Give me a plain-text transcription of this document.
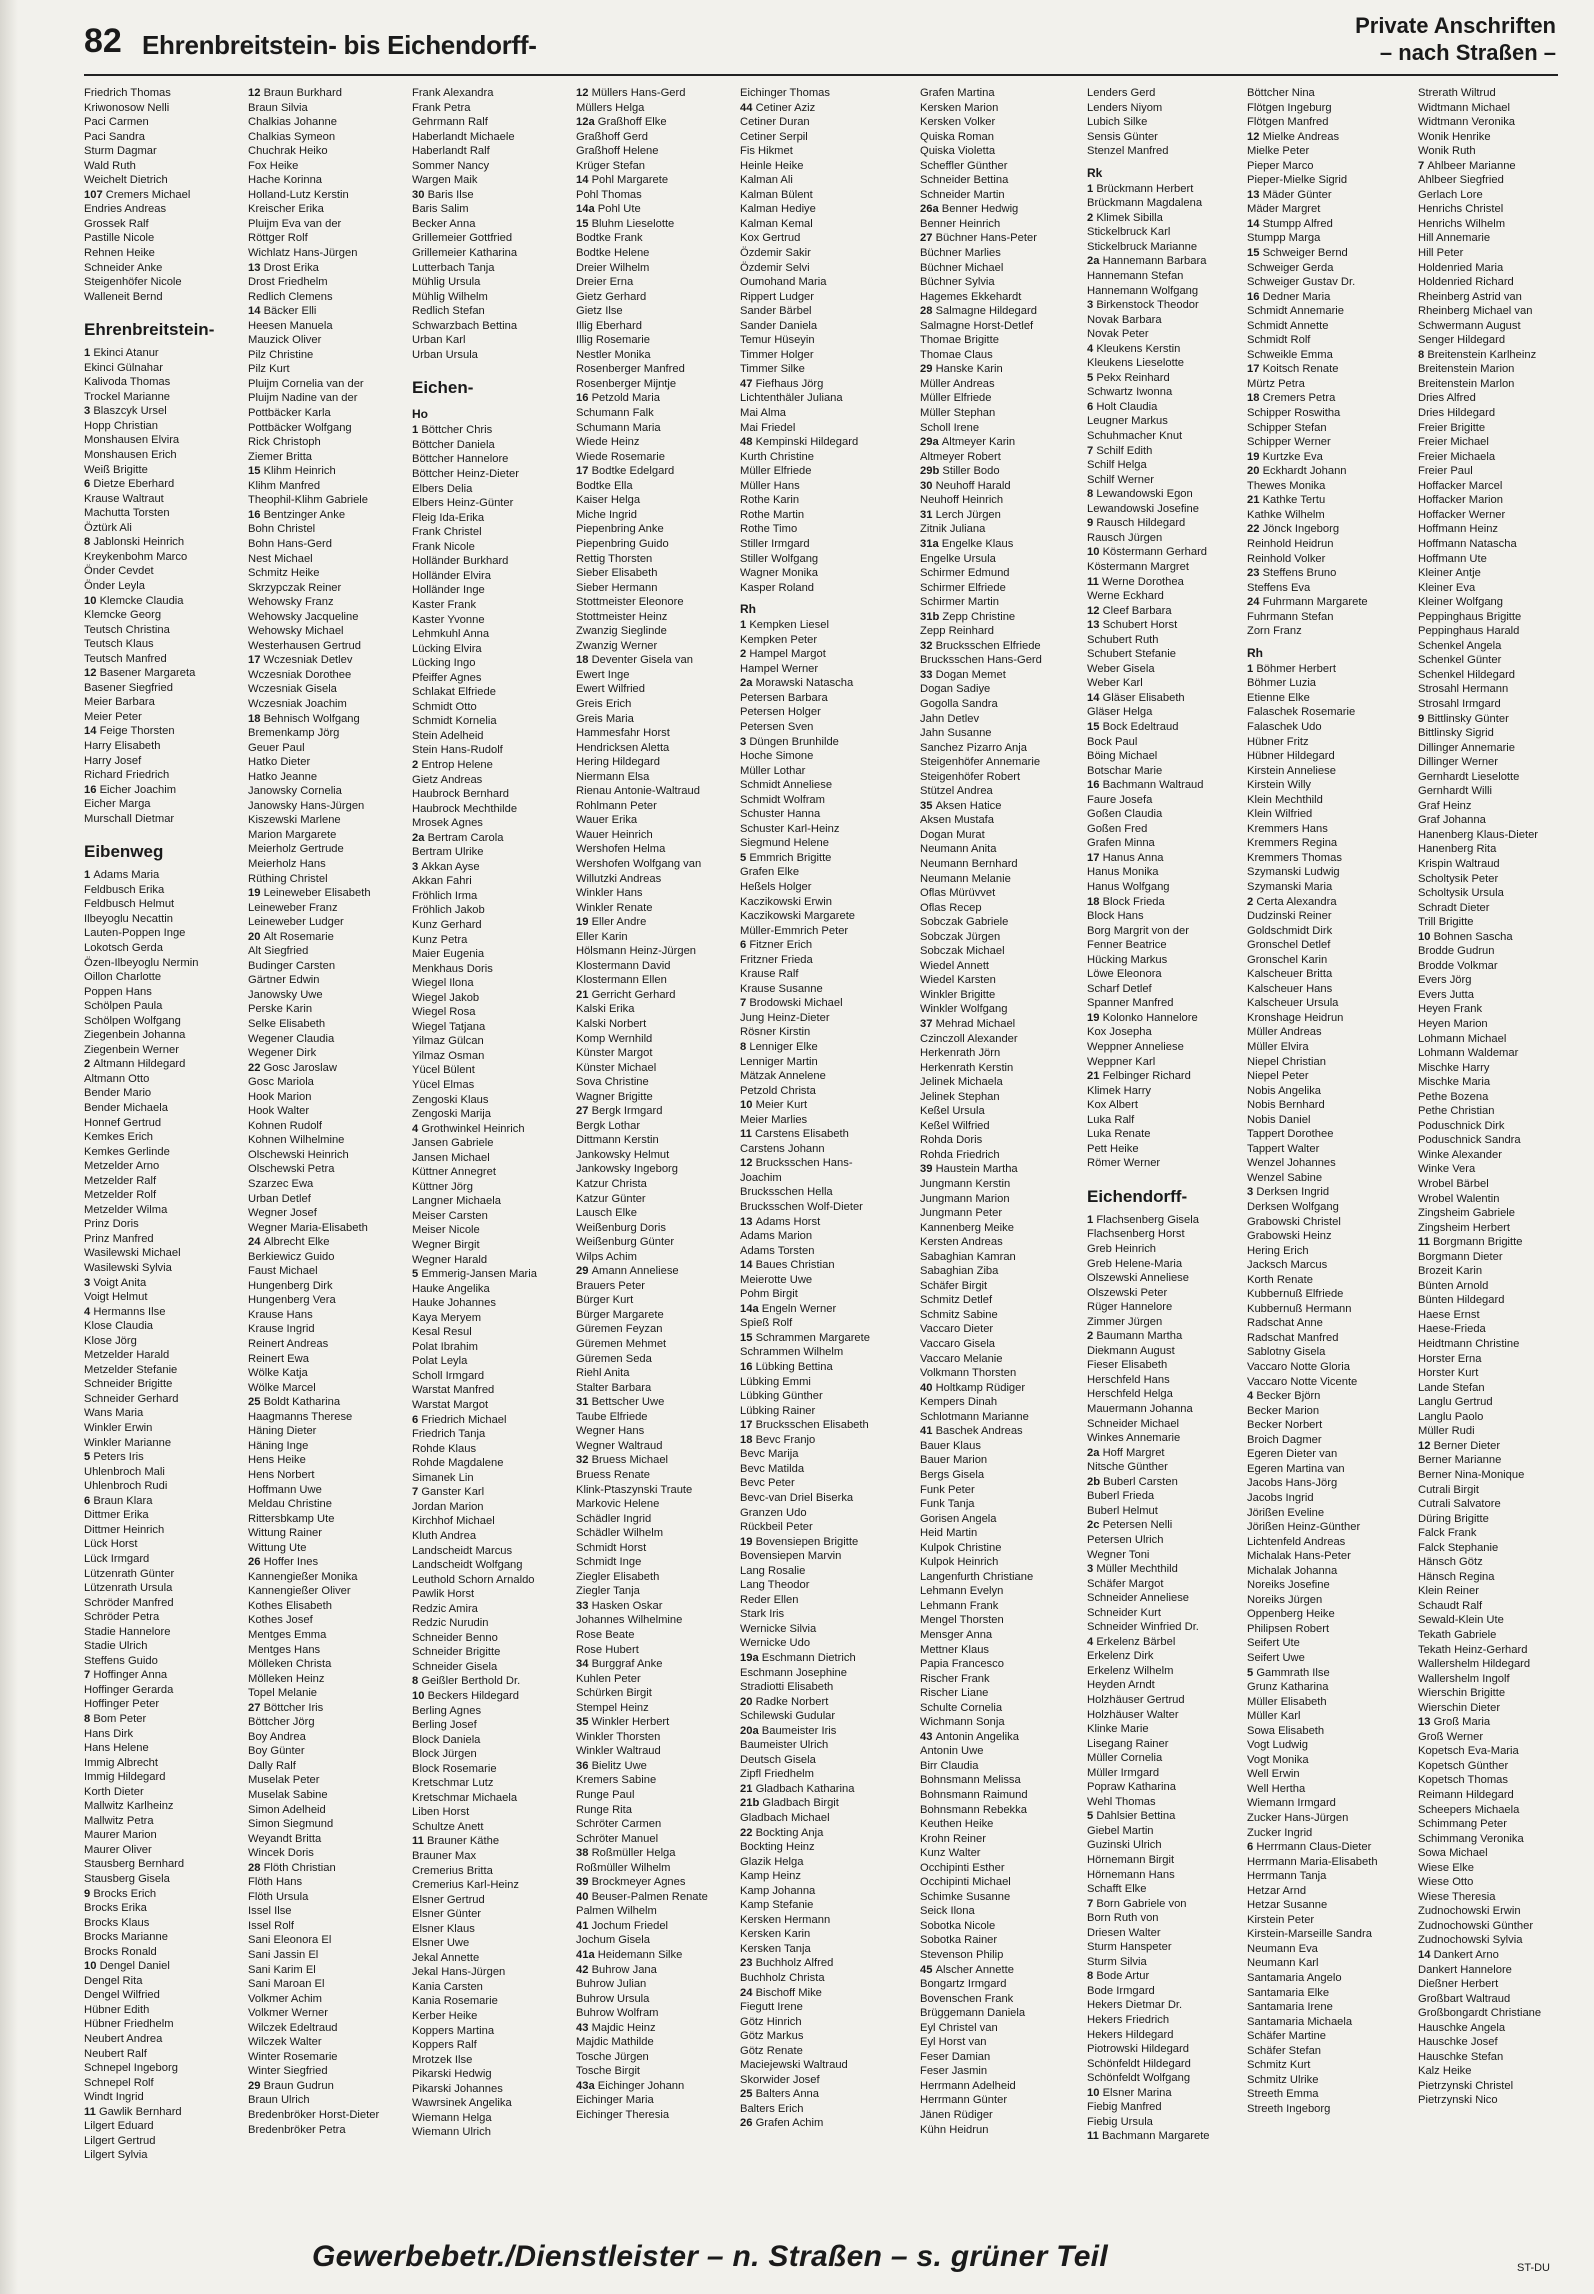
82 Ehrenbreitstein- bis Eichendorff-
Private Anschriften
– nach Straßen –
Friedrich Thomas
Kriwonosow Nelli
Paci Carmen
Paci Sandra
Sturm Dagmar
Wald Ruth
Weichelt Dietrich
107 Cremers Michael
Endries Andreas
Grossek Ralf
Pastille Nicole
Rehnen Heike
Schneider Anke
Steigenhöfer Nicole
Walleneit Bernd
Ehrenbreitstein-
1 Ekinci Atanur
Ekinci Gülnahar
Kalivoda Thomas
Trockel Marianne
3 Blaszcyk Ursel
Hopp Christian
Monshausen Elvira
Monshausen Erich
Weiß Brigitte
6 Dietze Eberhard
Krause Waltraut
Machutta Torsten
Öztürk Ali
8 Jablonski Heinrich
Kreykenbohm Marco
Önder Cevdet
Önder Leyla
10 Klemcke Claudia
Klemcke Georg
Teutsch Christina
Teutsch Klaus
Teutsch Manfred
12 Basener Margareta
Basener Siegfried
Meier Barbara
Meier Peter
14 Feige Thorsten
Harry Elisabeth
Harry Josef
Richard Friedrich
16 Eicher Joachim
Eicher Marga
Murschall Dietmar
Eibenweg
1 Adams Maria
Feldbusch Erika
Feldbusch Helmut
Ilbeyoglu Necattin
Lauten-Poppen Inge
Lokotsch Gerda
Özen-Ilbeyoglu Nermin
Oillon Charlotte
Poppen Hans
Schölpen Paula
Schölpen Wolfgang
Ziegenbein Johanna
Ziegenbein Werner
2 Altmann Hildegard
Altmann Otto
Bender Mario
Bender Michaela
Honnef Gertrud
Kemkes Erich
Kemkes Gerlinde
Metzelder Arno
Metzelder Ralf
Metzelder Rolf
Metzelder Wilma
Prinz Doris
Prinz Manfred
Wasilewski Michael
Wasilewski Sylvia
3 Voigt Anita
Voigt Helmut
4 Hermanns Ilse
Klose Claudia
Klose Jörg
Metzelder Harald
Metzelder Stefanie
Schneider Brigitte
Schneider Gerhard
Wans Maria
Winkler Erwin
Winkler Marianne
5 Peters Iris
Uhlenbroch Mali
Uhlenbroch Rudi
6 Braun Klara
Dittmer Erika
Dittmer Heinrich
Lück Horst
Lück Irmgard
Lützenrath Günter
Lützenrath Ursula
Schröder Manfred
Schröder Petra
Stadie Hannelore
Stadie Ulrich
Steffens Guido
7 Hoffinger Anna
Hoffinger Gerarda
Hoffinger Peter
8 Bom Peter
Hans Dirk
Hans Helene
Immig Albrecht
Immig Hildegard
Korth Dieter
Mallwitz Karlheinz
Mallwitz Petra
Maurer Marion
Maurer Oliver
Stausberg Bernhard
Stausberg Gisela
9 Brocks Erich
Brocks Erika
Brocks Klaus
Brocks Marianne
Brocks Ronald
10 Dengel Daniel
Dengel Rita
Dengel Wilfried
Hübner Edith
Hübner Friedhelm
Neubert Andrea
Neubert Ralf
Schnepel Ingeborg
Schnepel Rolf
Windt Ingrid
11 Gawlik Bernhard
Lilgert Eduard
Lilgert Gertrud
Lilgert Sylvia
12 Braun Burkhard
Braun Silvia
Chalkias Johanne
Chalkias Symeon
Chuchrak Heiko
Fox Heike
Hache Korinna
Holland-Lutz Kerstin
Kreischer Erika
Pluijm Eva van der
Röttger Rolf
Wichlatz Hans-Jürgen
13 Drost Erika
Drost Friedhelm
Redlich Clemens
14 Bäcker Elli
Heesen Manuela
Mauzick Oliver
Pilz Christine
Pilz Kurt
Pluijm Cornelia van der
Pluijm Nadine van der
Pottbäcker Karla
Pottbäcker Wolfgang
Rick Christoph
Ziemer Britta
15 Klihm Heinrich
Klihm Manfred
Theophil-Klihm Gabriele
16 Bentzinger Anke
Bohn Christel
Bohn Hans-Gerd
Nest Michael
Schmitz Heike
Skrzypczak Reiner
Wehowsky Franz
Wehowsky Jacqueline
Wehowsky Michael
Westerhausen Gertrud
17 Wczesniak Detlev
Wczesniak Dorothee
Wczesniak Gisela
Wczesniak Joachim
18 Behnisch Wolfgang
Bremenkamp Jörg
Geuer Paul
Hatko Dieter
Hatko Jeanne
Janowsky Cornelia
Janowsky Hans-Jürgen
Kiszewski Marlene
Marion Margarete
Meierholz Gertrude
Meierholz Hans
Rüthing Christel
19 Leineweber Elisabeth
Leineweber Franz
Leineweber Ludger
20 Alt Rosemarie
Alt Siegfried
Budinger Carsten
Gärtner Edwin
Janowsky Uwe
Perske Karin
Selke Elisabeth
Wegener Claudia
Wegener Dirk
22 Gosc Jaroslaw
Gosc Mariola
Hook Marion
Hook Walter
Kohnen Rudolf
Kohnen Wilhelmine
Olschewski Heinrich
Olschewski Petra
Szarzec Ewa
Urban Detlef
Wegner Josef
Wegner Maria-Elisabeth
24 Albrecht Elke
Berkiewicz Guido
Faust Michael
Hungenberg Dirk
Hungenberg Vera
Krause Hans
Krause Ingrid
Reinert Andreas
Reinert Ewa
Wölke Katja
Wölke Marcel
25 Boldt Katharina
Haagmanns Therese
Häning Dieter
Häning Inge
Hens Heike
Hens Norbert
Hoffmann Uwe
Meldau Christine
Rittersbkamp Ute
Wittung Rainer
Wittung Ute
26 Hoffer Ines
Kannengießer Monika
Kannengießer Oliver
Kothes Elisabeth
Kothes Josef
Mentges Emma
Mentges Hans
Mölleken Christa
Mölleken Heinz
Topel Melanie
27 Böttcher Iris
Böttcher Jörg
Boy Andrea
Boy Günter
Dally Ralf
Muselak Peter
Muselak Sabine
Simon Adelheid
Simon Siegmund
Weyandt Britta
Wincek Doris
28 Flöth Christian
Flöth Hans
Flöth Ursula
Issel Ilse
Issel Rolf
Sani Eleonora El
Sani Jassin El
Sani Karim El
Sani Maroan El
Volkmer Achim
Volkmer Werner
Wilczek Edeltraud
Wilczek Walter
Winter Rosemarie
Winter Siegfried
29 Braun Gudrun
Braun Ulrich
Bredenbröker Horst-Dieter
Bredenbröker Petra
Frank Alexandra
Frank Petra
Gehrmann Ralf
Haberlandt Michaele
Haberlandt Ralf
Sommer Nancy
Wargen Maik
30 Baris Ilse
Baris Salim
Becker Anna
Grillemeier Gottfried
Grillemeier Katharina
Lutterbach Tanja
Mühlig Ursula
Mühlig Wilhelm
Redlich Stefan
Schwarzbach Bettina
Urban Karl
Urban Ursula
Eichen-
Ho
1 Böttcher Chris
Böttcher Daniela
Böttcher Hannelore
Böttcher Heinz-Dieter
Elbers Delia
Elbers Heinz-Günter
Fleig Ida-Erika
Frank Christel
Frank Nicole
Holländer Burkhard
Holländer Elvira
Holländer Inge
Kaster Frank
Kaster Yvonne
Lehmkuhl Anna
Lücking Elvira
Lücking Ingo
Pfeiffer Agnes
Schlakat Elfriede
Schmidt Otto
Schmidt Kornelia
Stein Adelheid
Stein Hans-Rudolf
2 Entrop Helene
Gietz Andreas
Haubrock Bernhard
Haubrock Mechthilde
Mrosek Agnes
2a Bertram Carola
Bertram Ulrike
3 Akkan Ayse
Akkan Fahri
Fröhlich Irma
Fröhlich Jakob
Kunz Gerhard
Kunz Petra
Maier Eugenia
Menkhaus Doris
Wiegel Ilona
Wiegel Jakob
Wiegel Rosa
Wiegel Tatjana
Yilmaz Gülcan
Yilmaz Osman
Yücel Bülent
Yücel Elmas
Zengoski Klaus
Zengoski Marija
4 Grothwinkel Heinrich
Jansen Gabriele
Jansen Michael
Küttner Annegret
Küttner Jörg
Langner Michaela
Meiser Carsten
Meiser Nicole
Wegner Birgit
Wegner Harald
5 Emmerig-Jansen Maria
Hauke Angelika
Hauke Johannes
Kaya Meryem
Kesal Resul
Polat Ibrahim
Polat Leyla
Scholl Irmgard
Warstat Manfred
Warstat Margot
6 Friedrich Michael
Friedrich Tanja
Rohde Klaus
Rohde Magdalene
Simanek Lin
7 Ganster Karl
Jordan Marion
Kirchhof Michael
Kluth Andrea
Landscheidt Marcus
Landscheidt Wolfgang
Leuthold Schorn Arnaldo
Pawlik Horst
Redzic Amira
Redzic Nurudin
Schneider Benno
Schneider Brigitte
Schneider Gisela
8 Geißler Berthold Dr.
10 Beckers Hildegard
Berling Agnes
Berling Josef
Block Daniela
Block Jürgen
Block Rosemarie
Kretschmar Lutz
Kretschmar Michaela
Liben Horst
Schultze Anett
11 Brauner Käthe
Brauner Max
Cremerius Britta
Cremerius Karl-Heinz
Elsner Gertrud
Elsner Günter
Elsner Klaus
Elsner Uwe
Jekal Annette
Jekal Hans-Jürgen
Kania Carsten
Kania Rosemarie
Kerber Heike
Koppers Martina
Koppers Ralf
Mrotzek Ilse
Pikarski Hedwig
Pikarski Johannes
Wawrsinek Angelika
Wiemann Helga
Wiemann Ulrich
12 Müllers Hans-Gerd
Müllers Helga
12a Graßhoff Elke
Graßhoff Gerd
Graßhoff Helene
Krüger Stefan
14 Pohl Margarete
Pohl Thomas
14a Pohl Ute
15 Bluhm Lieselotte
Bodtke Frank
Bodtke Helene
Dreier Wilhelm
Dreier Erna
Gietz Gerhard
Gietz Ilse
Illig Eberhard
Illig Rosemarie
Nestler Monika
Rosenberger Manfred
Rosenberger Mijntje
16 Petzold Maria
Schumann Falk
Schumann Maria
Wiede Heinz
Wiede Rosemarie
17 Bodtke Edelgard
Bodtke Ella
Kaiser Helga
Miche Ingrid
Piepenbring Anke
Piepenbring Guido
Rettig Thorsten
Sieber Elisabeth
Sieber Hermann
Stottmeister Eleonore
Stottmeister Heinz
Zwanzig Sieglinde
Zwanzig Werner
18 Deventer Gisela van
Ewert Inge
Ewert Wilfried
Greis Erich
Greis Maria
Hammesfahr Horst
Hendricksen Aletta
Hering Hildegard
Niermann Elsa
Rienau Antonie-Waltraud
Rohlmann Peter
Wauer Erika
Wauer Heinrich
Wershofen Helma
Wershofen Wolfgang van
Willutzki Andreas
Winkler Hans
Winkler Renate
19 Eller Andre
Eller Karin
Hölsmann Heinz-Jürgen
Klostermann David
Klostermann Ellen
21 Gerricht Gerhard
Kalski Erika
Kalski Norbert
Komp Wernhild
Künster Margot
Künster Michael
Sova Christine
Wagner Brigitte
27 Bergk Irmgard
Bergk Lothar
Dittmann Kerstin
Jankowsky Helmut
Jankowsky Ingeborg
Katzur Christa
Katzur Günter
Lausch Elke
Weißenburg Doris
Weißenburg Günter
Wilps Achim
29 Amann Anneliese
Brauers Peter
Bürger Kurt
Bürger Margarete
Güremen Feyzan
Güremen Mehmet
Güremen Seda
Riehl Anita
Stalter Barbara
31 Bettscher Uwe
Taube Elfriede
Wegner Hans
Wegner Waltraud
32 Bruess Michael
Bruess Renate
Klink-Ptaszynski Traute
Markovic Helene
Schädler Ingrid
Schädler Wilhelm
Schmidt Horst
Schmidt Inge
Ziegler Elisabeth
Ziegler Tanja
33 Hasken Oskar
Johannes Wilhelmine
Rose Beate
Rose Hubert
34 Burggraf Anke
Kuhlen Peter
Schürken Birgit
Stempel Heinz
35 Winkler Herbert
Winkler Thorsten
Winkler Waltraud
36 Bielitz Uwe
Kremers Sabine
Runge Paul
Runge Rita
Schröter Carmen
Schröter Manuel
38 Roßmüller Helga
Roßmüller Wilhelm
39 Brockmeyer Agnes
40 Beuser-Palmen Renate
Palmen Wilhelm
41 Jochum Friedel
Jochum Gisela
41a Heidemann Silke
42 Buhrow Jana
Buhrow Julian
Buhrow Ursula
Buhrow Wolfram
43 Majdic Heinz
Majdic Mathilde
Tosche Jürgen
Tosche Birgit
43a Eichinger Johann
Eichinger Maria
Eichinger Theresia
Eichinger Thomas
44 Cetiner Aziz
Cetiner Duran
Cetiner Serpil
Fis Hikmet
Heinle Heike
Kalman Ali
Kalman Bülent
Kalman Hediye
Kalman Kemal
Kox Gertrud
Özdemir Sakir
Özdemir Selvi
Oumohand Maria
Rippert Ludger
Sander Bärbel
Sander Daniela
Temur Hüseyin
Timmer Holger
Timmer Silke
47 Fiefhaus Jörg
Lichtenthäler Juliana
Mai Alma
Mai Friedel
48 Kempinski Hildegard
Kurth Christine
Müller Elfriede
Müller Hans
Rothe Karin
Rothe Martin
Rothe Timo
Stiller Irmgard
Stiller Wolfgang
Wagner Monika
Kasper Roland
Rh
1 Kempken Liesel
Kempken Peter
2 Hampel Margot
Hampel Werner
2a Morawski Natascha
Petersen Barbara
Petersen Holger
Petersen Sven
3 Düngen Brunhilde
Hoche Simone
Müller Lothar
Schmidt Anneliese
Schmidt Wolfram
Schuster Hanna
Schuster Karl-Heinz
Siegmund Helene
5 Emmrich Brigitte
Grafen Elke
Heßels Holger
Kaczikowski Erwin
Kaczikowski Margarete
Müller-Emmrich Peter
6 Fitzner Erich
Fritzner Frieda
Krause Ralf
Krause Susanne
7 Brodowski Michael
Jung Heinz-Dieter
Rösner Kirstin
8 Lenniger Elke
Lenniger Martin
Mätzak Annelene
Petzold Christa
10 Meier Kurt
Meier Marlies
11 Carstens Elisabeth
Carstens Johann
12 Brucksschen Hans-
Joachim
Brucksschen Hella
Brucksschen Wolf-Dieter
13 Adams Horst
Adams Marion
Adams Torsten
14 Baues Christian
Meierotte Uwe
Pohm Birgit
14a Engeln Werner
Spieß Rolf
15 Schrammen Margarete
Schrammen Wilhelm
16 Lübking Bettina
Lübking Emmi
Lübking Günther
Lübking Rainer
17 Brucksschen Elisabeth
18 Bevc Franjo
Bevc Marija
Bevc Matilda
Bevc Peter
Bevc-van Driel Biserka
Granzen Udo
Rückbeil Peter
19 Bovensiepen Brigitte
Bovensiepen Marvin
Lang Rosalie
Lang Theodor
Reder Ellen
Stark Iris
Wernicke Silvia
Wernicke Udo
19a Eschmann Dietrich
Eschmann Josephine
Stradiotti Elisabeth
20 Radke Norbert
Schilewski Gudular
20a Baumeister Iris
Baumeister Ulrich
Deutsch Gisela
Zipfl Friedhelm
21 Gladbach Katharina
21b Gladbach Birgit
Gladbach Michael
22 Bockting Anja
Bockting Heinz
Glazik Helga
Kamp Heinz
Kamp Johanna
Kamp Stefanie
Kersken Hermann
Kersken Karin
Kersken Tanja
23 Buchholz Alfred
Buchholz Christa
24 Bischoff Mike
Fiegutt Irene
Götz Hinrich
Götz Markus
Götz Renate
Maciejewski Waltraud
Skorwider Josef
25 Balters Anna
Balters Erich
26 Grafen Achim
Grafen Martina
Kersken Marion
Kersken Volker
Quiska Roman
Quiska Violetta
Scheffler Günther
Schneider Bettina
Schneider Martin
26a Benner Hedwig
Benner Heinrich
27 Büchner Hans-Peter
Büchner Marlies
Büchner Michael
Büchner Sylvia
Hagemes Ekkehardt
28 Salmagne Hildegard
Salmagne Horst-Detlef
Thomae Brigitte
Thomae Claus
29 Hanske Karin
Müller Andreas
Müller Elfriede
Müller Stephan
Scholl Irene
29a Altmeyer Karin
Altmeyer Robert
29b Stiller Bodo
30 Neuhoff Harald
Neuhoff Heinrich
31 Lerch Jürgen
Zitnik Juliana
31a Engelke Klaus
Engelke Ursula
Schirmer Edmund
Schirmer Elfriede
Schirmer Martin
31b Zepp Christine
Zepp Reinhard
32 Brucksschen Elfriede
Brucksschen Hans-Gerd
33 Dogan Memet
Dogan Sadiye
Gogolla Sandra
Jahn Detlev
Jahn Susanne
Sanchez Pizarro Anja
Steigenhöfer Annemarie
Steigenhöfer Robert
Stützel Andrea
35 Aksen Hatice
Aksen Mustafa
Dogan Murat
Neumann Anita
Neumann Bernhard
Neumann Melanie
Oflas Mürüvvet
Oflas Recep
Sobczak Gabriele
Sobczak Jürgen
Sobczak Michael
Wiedel Annett
Wiedel Karsten
Winkler Brigitte
Winkler Wolfgang
37 Mehrad Michael
Czinczoll Alexander
Herkenrath Jörn
Herkenrath Kerstin
Jelinek Michaela
Jelinek Stephan
Keßel Ursula
Keßel Wilfried
Rohda Doris
Rohda Friedrich
39 Haustein Martha
Jungmann Kerstin
Jungmann Marion
Jungmann Peter
Kannenberg Meike
Kersten Andreas
Sabaghian Kamran
Sabaghian Ziba
Schäfer Birgit
Schmitz Detlef
Schmitz Sabine
Vaccaro Dieter
Vaccaro Gisela
Vaccaro Melanie
Volkmann Thorsten
40 Holtkamp Rüdiger
Kempers Dinah
Schlotmann Marianne
41 Baschek Andreas
Bauer Klaus
Bauer Marion
Bergs Gisela
Funk Peter
Funk Tanja
Gorisen Angela
Heid Martin
Kulpok Christine
Kulpok Heinrich
Langenfurth Christiane
Lehmann Evelyn
Lehmann Frank
Mengel Thorsten
Mensger Anna
Mettner Klaus
Papia Francesco
Rischer Frank
Rischer Liane
Schulte Cornelia
Wichmann Sonja
43 Antonin Angelika
Antonin Uwe
Birr Claudia
Bohnsmann Melissa
Bohnsmann Raimund
Bohnsmann Rebekka
Keuthen Heike
Krohn Reiner
Kunz Walter
Occhipinti Esther
Occhipinti Michael
Schimke Susanne
Seick Ilona
Sobotka Nicole
Sobotka Rainer
Stevenson Philip
45 Alscher Annette
Bongartz Irmgard
Bovenschen Frank
Brüggemann Daniela
Eyl Christel van
Eyl Horst van
Feser Damian
Feser Jasmin
Herrmann Adelheid
Herrmann Günter
Jänen Rüdiger
Kühn Heidrun
Lenders Gerd
Lenders Niyom
Lubich Silke
Sensis Günter
Stenzel Manfred
Rk
1 Brückmann Herbert
Brückmann Magdalena
2 Klimek Sibilla
Stickelbruck Karl
Stickelbruck Marianne
2a Hannemann Barbara
Hannemann Stefan
Hannemann Wolfgang
3 Birkenstock Theodor
Novak Barbara
Novak Peter
4 Kleukens Kerstin
Kleukens Lieselotte
5 Pekx Reinhard
Schwartz Iwonna
6 Holt Claudia
Leugner Markus
Schuhmacher Knut
7 Schilf Edith
Schilf Helga
Schilf Werner
8 Lewandowski Egon
Lewandowski Josefine
9 Rausch Hildegard
Rausch Jürgen
10 Köstermann Gerhard
Köstermann Margret
11 Werne Dorothea
Werne Eckhard
12 Cleef Barbara
13 Schubert Horst
Schubert Ruth
Schubert Stefanie
Weber Gisela
Weber Karl
14 Gläser Elisabeth
Gläser Helga
15 Bock Edeltraud
Bock Paul
Böing Michael
Botschar Marie
16 Bachmann Waltraud
Faure Josefa
Goßen Claudia
Goßen Fred
Grafen Minna
17 Hanus Anna
Hanus Monika
Hanus Wolfgang
18 Block Frieda
Block Hans
Borg Margrit von der
Fenner Beatrice
Hücking Markus
Löwe Eleonora
Scharf Detlef
Spanner Manfred
19 Kolonko Hannelore
Kox Josepha
Weppner Anneliese
Weppner Karl
21 Felbinger Richard
Klimek Harry
Kox Albert
Luka Ralf
Luka Renate
Pett Heike
Römer Werner
Eichendorff-
1 Flachsenberg Gisela
Flachsenberg Horst
Greb Heinrich
Greb Helene-Maria
Olszewski Anneliese
Olszewski Peter
Rüger Hannelore
Zimmer Jürgen
2 Baumann Martha
Diekmann August
Fieser Elisabeth
Herschfeld Hans
Herschfeld Helga
Mauermann Johanna
Schneider Michael
Winkes Annemarie
2a Hoff Margret
Nitsche Günther
2b Buberl Carsten
Buberl Frieda
Buberl Helmut
2c Petersen Nelli
Petersen Ulrich
Wegner Toni
3 Müller Mechthild
Schäfer Margot
Schneider Anneliese
Schneider Kurt
Schneider Winfried Dr.
4 Erkelenz Bärbel
Erkelenz Dirk
Erkelenz Wilhelm
Heyden Arndt
Holzhäuser Gertrud
Holzhäuser Walter
Klinke Marie
Lisegang Rainer
Müller Cornelia
Müller Irmgard
Popraw Katharina
Wehl Thomas
5 Dahlsier Bettina
Giebel Martin
Guzinski Ulrich
Hörnemann Birgit
Hörnemann Hans
Schafft Elke
7 Born Gabriele von
Born Ruth von
Driesen Walter
Sturm Hanspeter
Sturm Silvia
8 Bode Artur
Bode Irmgard
Hekers Dietmar Dr.
Hekers Friedrich
Hekers Hildegard
Piotrowski Hildegard
Schönfeldt Hildegard
Schönfeldt Wolfgang
10 Elsner Marina
Fiebig Manfred
Fiebig Ursula
11 Bachmann Margarete
Böttcher Nina
Flötgen Ingeburg
Flötgen Manfred
12 Mielke Andreas
Mielke Peter
Pieper Marco
Pieper-Mielke Sigrid
13 Mäder Günter
Mäder Margret
14 Stumpp Alfred
Stumpp Marga
15 Schweiger Bernd
Schweiger Gerda
Schweiger Gustav Dr.
16 Dedner Maria
Schmidt Annemarie
Schmidt Annette
Schmidt Rolf
Schweikle Emma
17 Koitsch Renate
Mürtz Petra
18 Cremers Petra
Schipper Roswitha
Schipper Stefan
Schipper Werner
19 Kurtzke Eva
20 Eckhardt Johann
Thewes Monika
21 Kathke Tertu
Kathke Wilhelm
22 Jönck Ingeborg
Reinhold Heidrun
Reinhold Volker
23 Steffens Bruno
Steffens Eva
24 Fuhrmann Margarete
Fuhrmann Stefan
Zorn Franz
Rh
1 Böhmer Herbert
Böhmer Luzia
Etienne Elke
Falaschek Rosemarie
Falaschek Udo
Hübner Fritz
Hübner Hildegard
Kirstein Anneliese
Kirstein Willy
Klein Mechthild
Klein Wilfried
Kremmers Hans
Kremmers Regina
Kremmers Thomas
Szymanski Ludwig
Szymanski Maria
2 Certa Alexandra
Dudzinski Reiner
Goldschmidt Dirk
Gronschel Detlef
Gronschel Karin
Kalscheuer Britta
Kalscheuer Hans
Kalscheuer Ursula
Kronshage Heidrun
Müller Andreas
Müller Elvira
Niepel Christian
Niepel Peter
Nobis Angelika
Nobis Bernhard
Nobis Daniel
Tappert Dorothee
Tappert Walter
Wenzel Johannes
Wenzel Sabine
3 Derksen Ingrid
Derksen Wolfgang
Grabowski Christel
Grabowski Heinz
Hering Erich
Jacksch Marcus
Korth Renate
Kubbernuß Elfriede
Kubbernuß Hermann
Radschat Anne
Radschat Manfred
Sablotny Gisela
Vaccaro Notte Gloria
Vaccaro Notte Vicente
4 Becker Björn
Becker Marion
Becker Norbert
Broich Dagmer
Egeren Dieter van
Egeren Martina van
Jacobs Hans-Jörg
Jacobs Ingrid
Jörißen Eveline
Jörißen Heinz-Günther
Lichtenfeld Andreas
Michalak Hans-Peter
Michalak Johanna
Noreiks Josefine
Noreiks Jürgen
Oppenberg Heike
Philipsen Robert
Seifert Ute
Seifert Uwe
5 Gammrath Ilse
Grunz Katharina
Müller Elisabeth
Müller Karl
Sowa Elisabeth
Vogt Ludwig
Vogt Monika
Well Erwin
Well Hertha
Wiemann Irmgard
Zucker Hans-Jürgen
Zucker Ingrid
6 Herrmann Claus-Dieter
Herrmann Maria-Elisabeth
Herrmann Tanja
Hetzar Arnd
Hetzar Susanne
Kirstein Peter
Kirstein-Marseille Sandra
Neumann Eva
Neumann Karl
Santamaria Angelo
Santamaria Elke
Santamaria Irene
Santamaria Michaela
Schäfer Martine
Schäfer Stefan
Schmitz Kurt
Schmitz Ulrike
Streeth Emma
Streeth Ingeborg
Strerath Wiltrud
Widtmann Michael
Widtmann Veronika
Wonik Henrike
Wonik Ruth
7 Ahlbeer Marianne
Ahlbeer Siegfried
Gerlach Lore
Henrichs Christel
Henrichs Wilhelm
Hill Annemarie
Hill Peter
Holdenried Maria
Holdenried Richard
Rheinberg Astrid van
Rheinberg Michael van
Schwermann August
Senger Hildegard
8 Breitenstein Karlheinz
Breitenstein Marion
Breitenstein Marlon
Dries Alfred
Dries Hildegard
Freier Brigitte
Freier Michael
Freier Michaela
Freier Paul
Hoffacker Marcel
Hoffacker Marion
Hoffacker Werner
Hoffmann Heinz
Hoffmann Natascha
Hoffmann Ute
Kleiner Antje
Kleiner Eva
Kleiner Wolfgang
Peppinghaus Brigitte
Peppinghaus Harald
Schenkel Angela
Schenkel Günter
Schenkel Hildegard
Strosahl Hermann
Strosahl Irmgard
9 Bittlinsky Günter
Bittlinsky Sigrid
Dillinger Annemarie
Dillinger Werner
Gernhardt Lieselotte
Gernhardt Willi
Graf Heinz
Graf Johanna
Hanenberg Klaus-Dieter
Hanenberg Rita
Krispin Waltraud
Scholtysik Peter
Scholtysik Ursula
Schradt Dieter
Trill Brigitte
10 Bohnen Sascha
Brodde Gudrun
Brodde Volkmar
Evers Jörg
Evers Jutta
Heyen Frank
Heyen Marion
Lohmann Michael
Lohmann Waldemar
Mischke Harry
Mischke Maria
Pethe Bozena
Pethe Christian
Poduschnick Dirk
Poduschnick Sandra
Winke Alexander
Winke Vera
Wrobel Bärbel
Wrobel Walentin
Zingsheim Gabriele
Zingsheim Herbert
11 Borgmann Brigitte
Borgmann Dieter
Brozeit Karin
Bünten Arnold
Bünten Hildegard
Haese Ernst
Haese-Frieda
Heidtmann Christine
Horster Erna
Horster Kurt
Lande Stefan
Langlu Gertrud
Langlu Paolo
Müller Rudi
12 Berner Dieter
Berner Marianne
Berner Nina-Monique
Cutrali Birgit
Cutrali Salvatore
Düring Brigitte
Falck Frank
Falck Stephanie
Hänsch Götz
Hänsch Regina
Klein Reiner
Schaudt Ralf
Sewald-Klein Ute
Tekath Gabriele
Tekath Heinz-Gerhard
Wallershelm Hildegard
Wallershelm Ingolf
Wierschin Brigitte
Wierschin Dieter
13 Groß Maria
Groß Werner
Kopetsch Eva-Maria
Kopetsch Günther
Kopetsch Thomas
Reimann Hildegard
Scheepers Michaela
Schimmang Peter
Schimmang Veronika
Sowa Michael
Wiese Elke
Wiese Otto
Wiese Theresia
Zudnochowski Erwin
Zudnochowski Günther
Zudnochowski Sylvia
14 Dankert Arno
Dankert Hannelore
Dießner Herbert
Großbart Waltraud
Großbongardt Christiane
Hauschke Angela
Hauschke Josef
Hauschke Stefan
Kalz Heike
Pietrzynski Christel
Pietrzynski Nico
Gewerbebetr./Dienstleister – n. Straßen – s. grüner Teil	ST-DU
